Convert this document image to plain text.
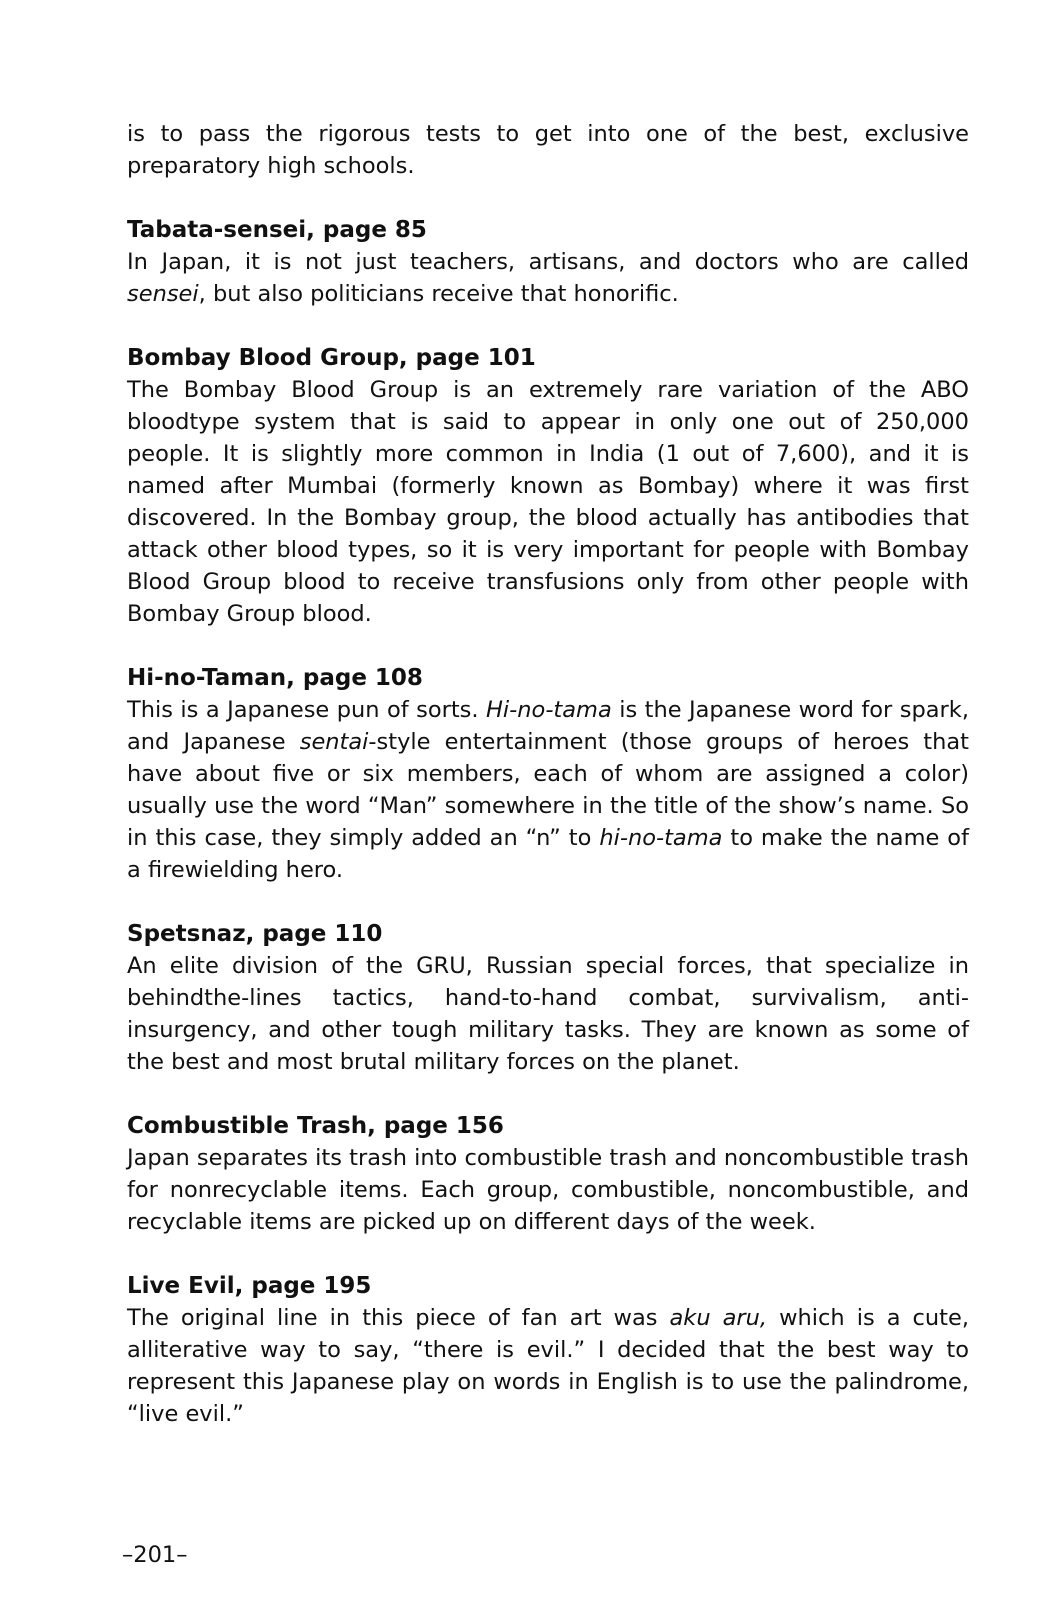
is to pass the rigorous tests to get into one of the best, exclusive preparatory high schools.

Tabata-sensei, page 85

In Japan, it is not just teachers, artisans, and doctors who are called sensei, but also politicians receive that honorific.

Bombay Blood Group, page 101

The Bombay Blood Group is an extremely rare variation of the ABO bloodtype system that is said to appear in only one out of 250,000 people. It is slightly more common in India (1 out of 7,600), and it is named after Mumbai (formerly known as Bombay) where it was first discovered. In the Bombay group, the blood actually has antibodies that attack other blood types, so it is very important for people with Bombay Blood Group blood to receive transfusions only from other people with Bombay Group blood.

Hi-no-Taman, page 108

This is a Japanese pun of sorts. Hi-no-tama is the Japanese word for spark, and Japanese sentai-style entertainment (those groups of heroes that have about five or six members, each of whom are assigned a color) usually use the word “Man” somewhere in the title of the show’s name. So in this case, they simply added an “n” to hi-no-tama to make the name of a firewielding hero.

Spetsnaz, page 110

An elite division of the GRU, Russian special forces, that specialize in behindthe-lines tactics, hand-to-hand combat, survivalism, anti-insurgency, and other tough military tasks. They are known as some of the best and most brutal military forces on the planet.

Combustible Trash, page 156

Japan separates its trash into combustible trash and noncombustible trash for nonrecyclable items. Each group, combustible, noncombustible, and recyclable items are picked up on different days of the week.

Live Evil, page 195

The original line in this piece of fan art was aku aru, which is a cute, alliterative way to say, “there is evil.” I decided that the best way to represent this Japanese play on words in English is to use the palindrome, “live evil.”

–201–
